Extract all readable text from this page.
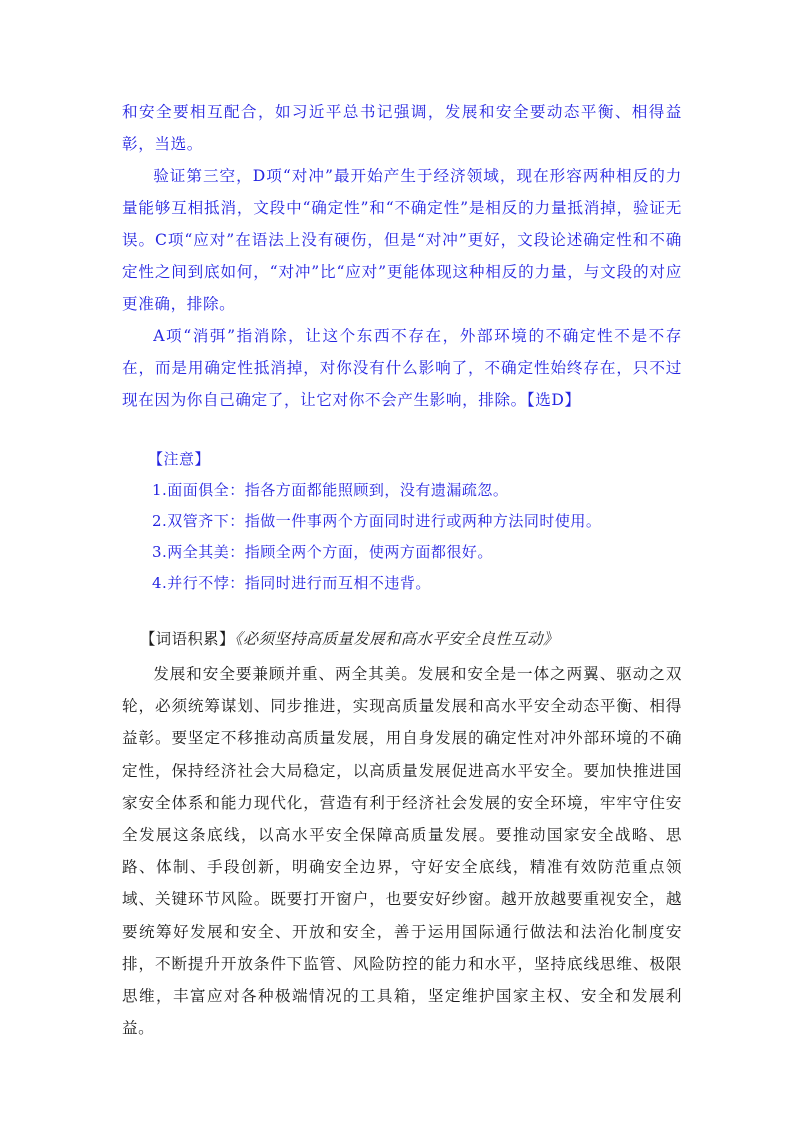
和安全要相互配合，如习近平总书记强调，发展和安全要动态平衡、相得益彰，当选。

验证第三空，D项“对冲”最开始产生于经济领域，现在形容两种相反的力量能够互相抵消，文段中“确定性”和“不确定性”是相反的力量抵消掉，验证无误。C项“应对”在语法上没有硬伤，但是“对冲”更好，文段论述确定性和不确定性之间到底如何，“对冲”比“应对”更能体现这种相反的力量，与文段的对应更准确，排除。

A项“消弭”指消除，让这个东西不存在，外部环境的不确定性不是不存在，而是用确定性抵消掉，对你没有什么影响了，不确定性始终存在，只不过现在因为你自己确定了，让它对你不会产生影响，排除。【选D】

【注意】
1.面面俱全：指各方面都能照顾到，没有遗漏疏忽。
2.双管齐下：指做一件事两个方面同时进行或两种方法同时使用。
3.两全其美：指顾全两个方面，使两方面都很好。
4.并行不悖：指同时进行而互相不违背。
【词语积累】《必须坚持高质量发展和高水平安全良性互动》

发展和安全要兼顾并重、两全其美。发展和安全是一体之两翼、驱动之双轮，必须统筹谋划、同步推进，实现高质量发展和高水平安全动态平衡、相得益彰。要坚定不移推动高质量发展，用自身发展的确定性对冲外部环境的不确定性，保持经济社会大局稳定，以高质量发展促进高水平安全。要加快推进国家安全体系和能力现代化，营造有利于经济社会发展的安全环境，牢牢守住安全发展这条底线，以高水平安全保障高质量发展。要推动国家安全战略、思路、体制、手段创新，明确安全边界，守好安全底线，精准有效防范重点领域、关键环节风险。既要打开窗户，也要安好纱窗。越开放越要重视安全，越要统筹好发展和安全、开放和安全，善于运用国际通行做法和法治化制度安排，不断提升开放条件下监管、风险防控的能力和水平，坚持底线思维、极限思维，丰富应对各种极端情况的工具箱，坚定维护国家主权、安全和发展利益。
